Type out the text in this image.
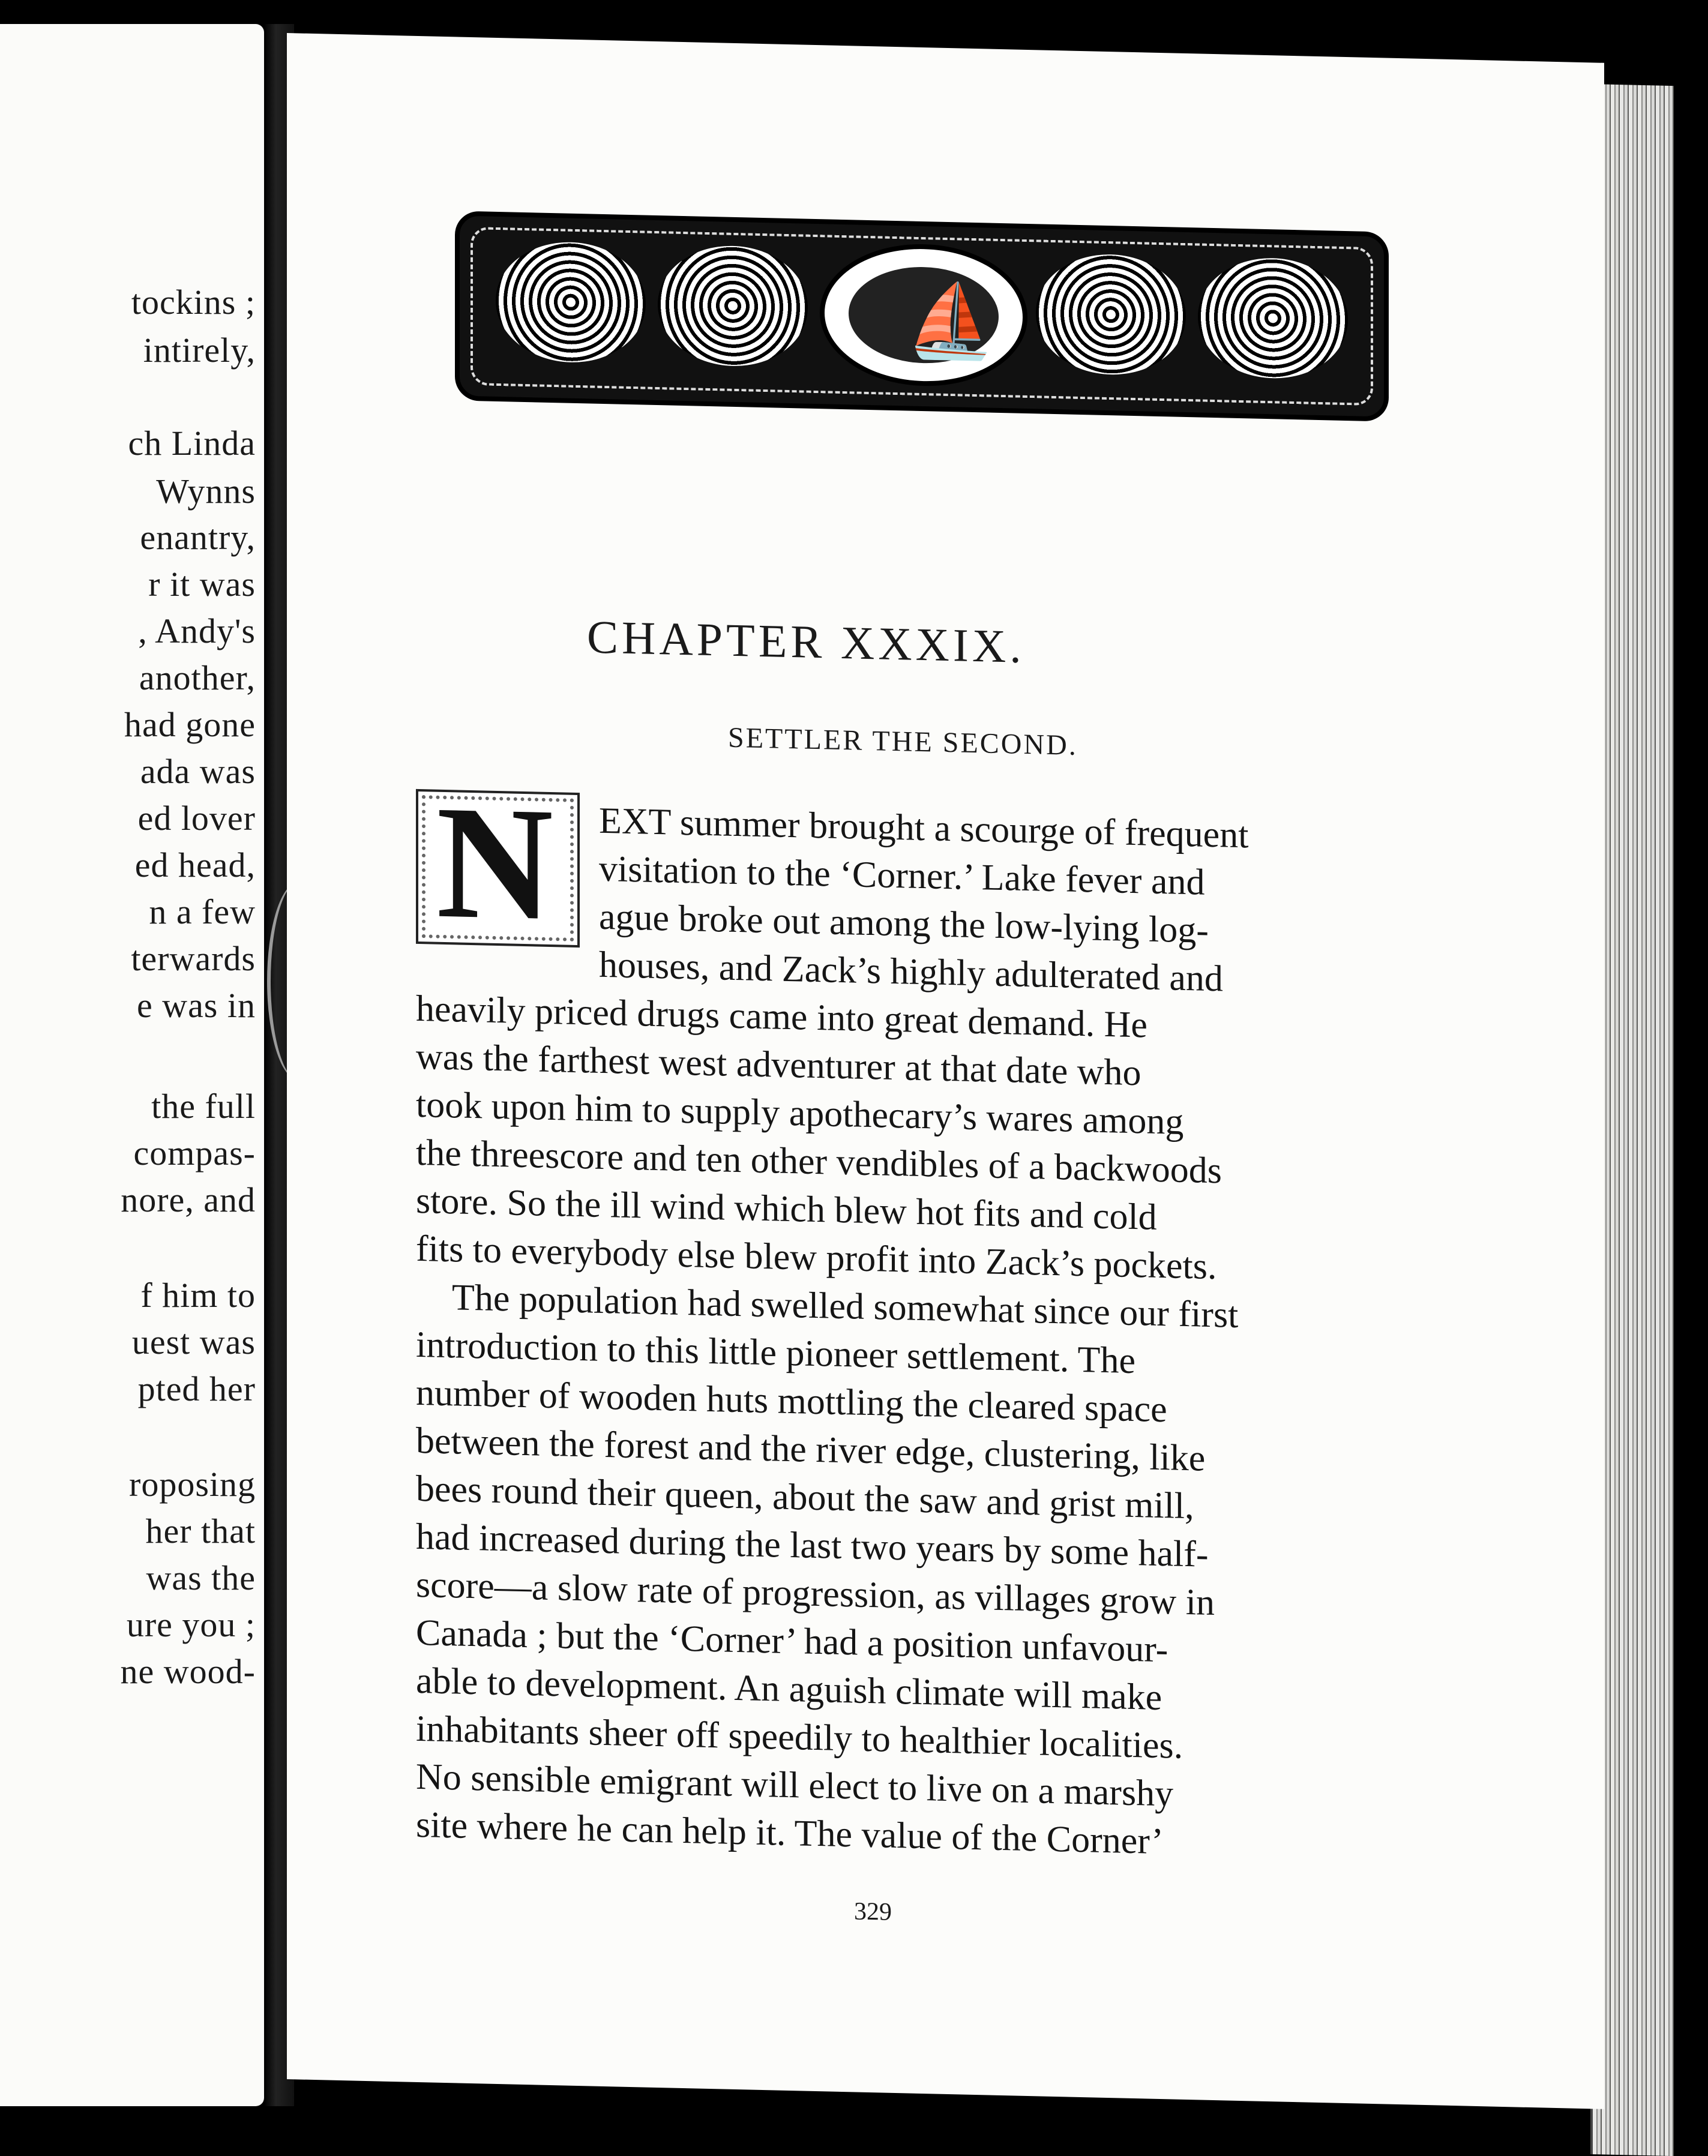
tockins ;
intirely,
ch Linda
Wynns
enantry,
r it was
, Andy's
another,
had gone
ada was
ed lover
ed head,
n a few
terwards
e was in
the full
compas-
nore, and
f him to
uest was
pted her
roposing
her that
was the
ure you ;
ne wood-
⛵
CHAPTER XXXIX.
SETTLER THE SECOND.
N EXT summer brought a scourge of frequent
visitation to the ‘Corner.’ Lake fever and
ague broke out among the low-lying log-
houses, and Zack’s highly adulterated and
heavily priced drugs came into great demand. He
was the farthest west adventurer at that date who
took upon him to supply apothecary’s wares among
the threescore and ten other vendibles of a backwoods
store. So the ill wind which blew hot fits and cold
fits to everybody else blew profit into Zack’s pockets.
The population had swelled somewhat since our first
introduction to this little pioneer settlement. The
number of wooden huts mottling the cleared space
between the forest and the river edge, clustering, like
bees round their queen, about the saw and grist mill,
had increased during the last two years by some half-
score—a slow rate of progression, as villages grow in
Canada ; but the ‘Corner’ had a position unfavour-
able to development. An aguish climate will make
inhabitants sheer off speedily to healthier localities.
No sensible emigrant will elect to live on a marshy
site where he can help it. The value of the Corner’
329
